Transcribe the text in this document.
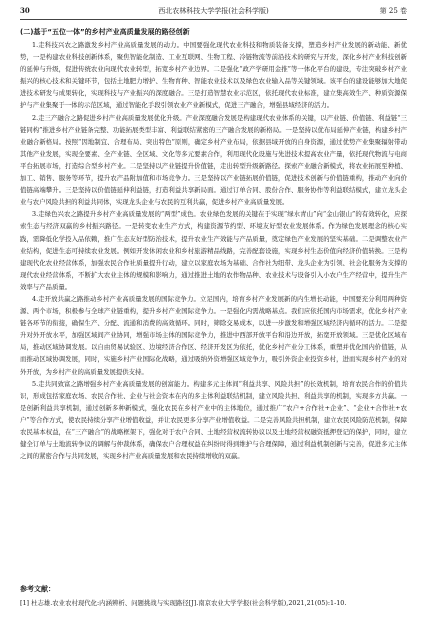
30	西北农林科技大学学报(社会科学版)	第 25 卷
(二)基于“五位一体”的乡村产业高质量发展的路径创新

1.走科技兴农之路激发乡村产业高质量发展的动力。中国要强化现代农业科技和物质装备支撑，塑造乡村产业发展的新动能、新优势，一是构建农业科技创新体系，聚焦智能化制造、工业互联网、生物工程、冷链物流等前沿技术的研究与开发，深化乡村产业科技创新的延伸与升级，促进传统农业向现代农业转型，拓宽乡村产业边界。二是强化“政产学研用金推”等一体化平台的建设，专注突破乡村产业振兴的核心技术和关键环节，包括土地肥力增护、生物育种、智能农业技术以及绿色农业输入品等关键领域。该平台的建设能够加大地促进技术研发与成果转化，实现科技与产业振兴的深度融合。三是打造智慧农业示范区，依托现代农业标准，建立集高效生产、种质资源保护与产业集聚于一体的示范区域，通过智能化手段引领农业产业新模式，促进三产融合，增强县域经济的活力。

2.走三产融合之路促进乡村产业高质量发展优化升级。产业深度融合发展是构建现代农业体系的关键，以产业链、价值链、利益链“三链同构”推进乡村产业链条完整、功能拓展类型丰富、利益联结紧密的三产融合发展的新格局。一是坚持以优布局延伸产业链，构建乡村产业融合新格局。按照“因地制宜、合理布局、突出特色”原则，确定乡村产业布局，依据县域开放的自身资源，通过优势产业集聚辐射带动其他产业发展，实现全要素、全产业链、全区域、文化等多元要素合作，利用现代化设施与先进技术提高农业产量，依托现代物流与电商平台拓展市场，打造综合型乡村产业。二是坚持以产业链提升价值链，走出转型升级新路径。探索产业融合新模式，将农业拓展至种植、加工、销售、服务等环节，提升农产品附加值和市场竞争力。三是坚持以产业链拓展价值链，促进技术创新与价值链重构，推动产业向价值链高端攀升。三是坚持以价值链延伸利益链，打造利益共享新局面。通过订单合同、股份合作、服务协作等利益联结模式，建立龙头企业与农户风险共担的利益共同体，实现龙头企业与农民的互利共赢，促进乡村产业高质量发展。

3.走绿色兴农之路提升乡村产业高质量发展的“两型”成色。农业绿色发展的关键在于实现“绿水青山”向“金山银山”的有效转化，应探索生态与经济双赢的乡村振兴路径。一是转变农业生产方式，构建资源节约型、环境友好型农业发展体系。作为绿色发展理念的核心实践，需降低化学投入品依赖，推广生态友好型防治技术，提升农业生产效能与产品质量，奠定绿色产业发展的坚实基础。二是调整农业产业结构，促进生态可持续农业发展。例如开发休闲农业和乡村旅游精品线路，完善配套设施，实现乡村生态价值向经济价值转换。三是构建现代化农业经营体系，加强农民合作社质量提升行动，建立以家庭农场为基础、合作社为纽带、龙头企业为引领、社会化服务为支撑的现代农业经营体系，不断扩大农业主体的规模和影响力，通过推进土地的农作物品种、农业技术与设备引入小农户生产经营中，提升生产效率与产品质量。

4.走开放共赢之路推动乡村产业高质量发展的国际竞争力。立足国内，培育乡村产业发展新的内生增长动能，中国要充分利用两种资源、两个市场，积极参与全球产业链重构，提升乡村产业国际竞争力。一是强化内需战略基点。我们应依托国内市场需求，优化乡村产业链各环节的衔接，确保生产、分配、流通和消费的高效循环。同时，筛除交易成本，以进一步激发和增强区域经济内循环的活力。二是提升对外开放水平，加强区域间产业协同，增强市场主体的国际竞争力，推进中西部开放平台和沿边开放，拓宽开放领域。三是优化区域布局，推动区域协调发展。以自由贸易试验区、边境经济合作区、经济开发区为依托，优化乡村产业分工体系，重塑并优化国内价值链，从而推动区域协调发展，同时，实施乡村产业国际化战略，通过吸纳外资增强区域竞争力，吸引外资企业投资乡村，进而实现乡村产业的对外开放，为乡村产业的高质量发展提供支持。

5.走共同致富之路增强乡村产业高质量发展的创富能力。构建多元主体间“利益共享、风险共担”的长效机制，培育农民合作的价值共识，形成包括家庭农场、农民合作社、企业与社会资本在内的多主体利益联结机制，建立风险共担、利益共享的机制，实现多方共赢。一是创新利益共享机制，通过创新多种新模式，强化农民在乡村产业中的主体地位，通过推广“农户+合作社+企业”、“企业+合作社+农户”等合作方式，使农民持续分享产业增值收益，并让农民更多分享产业增值收益。二是完善风险共担机制，建立农民风险防范机制，保障农民基本权益，在“三产融合”的战略框架下，强化对于农户合同、土地经营权流转协议以及土地经营权融资抵押登记的保护，同时，建立健全订单与土地流转争议的调解与仲裁体系，确保农户合理权益在纠纷时得到维护与合理保障，通过利益机制创新与完善，促进多元主体之间的紧密合作与共同发展，实现乡村产业高质量发展和农民持续增收的双赢。

参考文献：

[1] 杜志雄.农业农村现代化:内涵辨析、问题挑战与实现路径[J].南京农业大学学报(社会科学版),2021,21(05):1-10.
